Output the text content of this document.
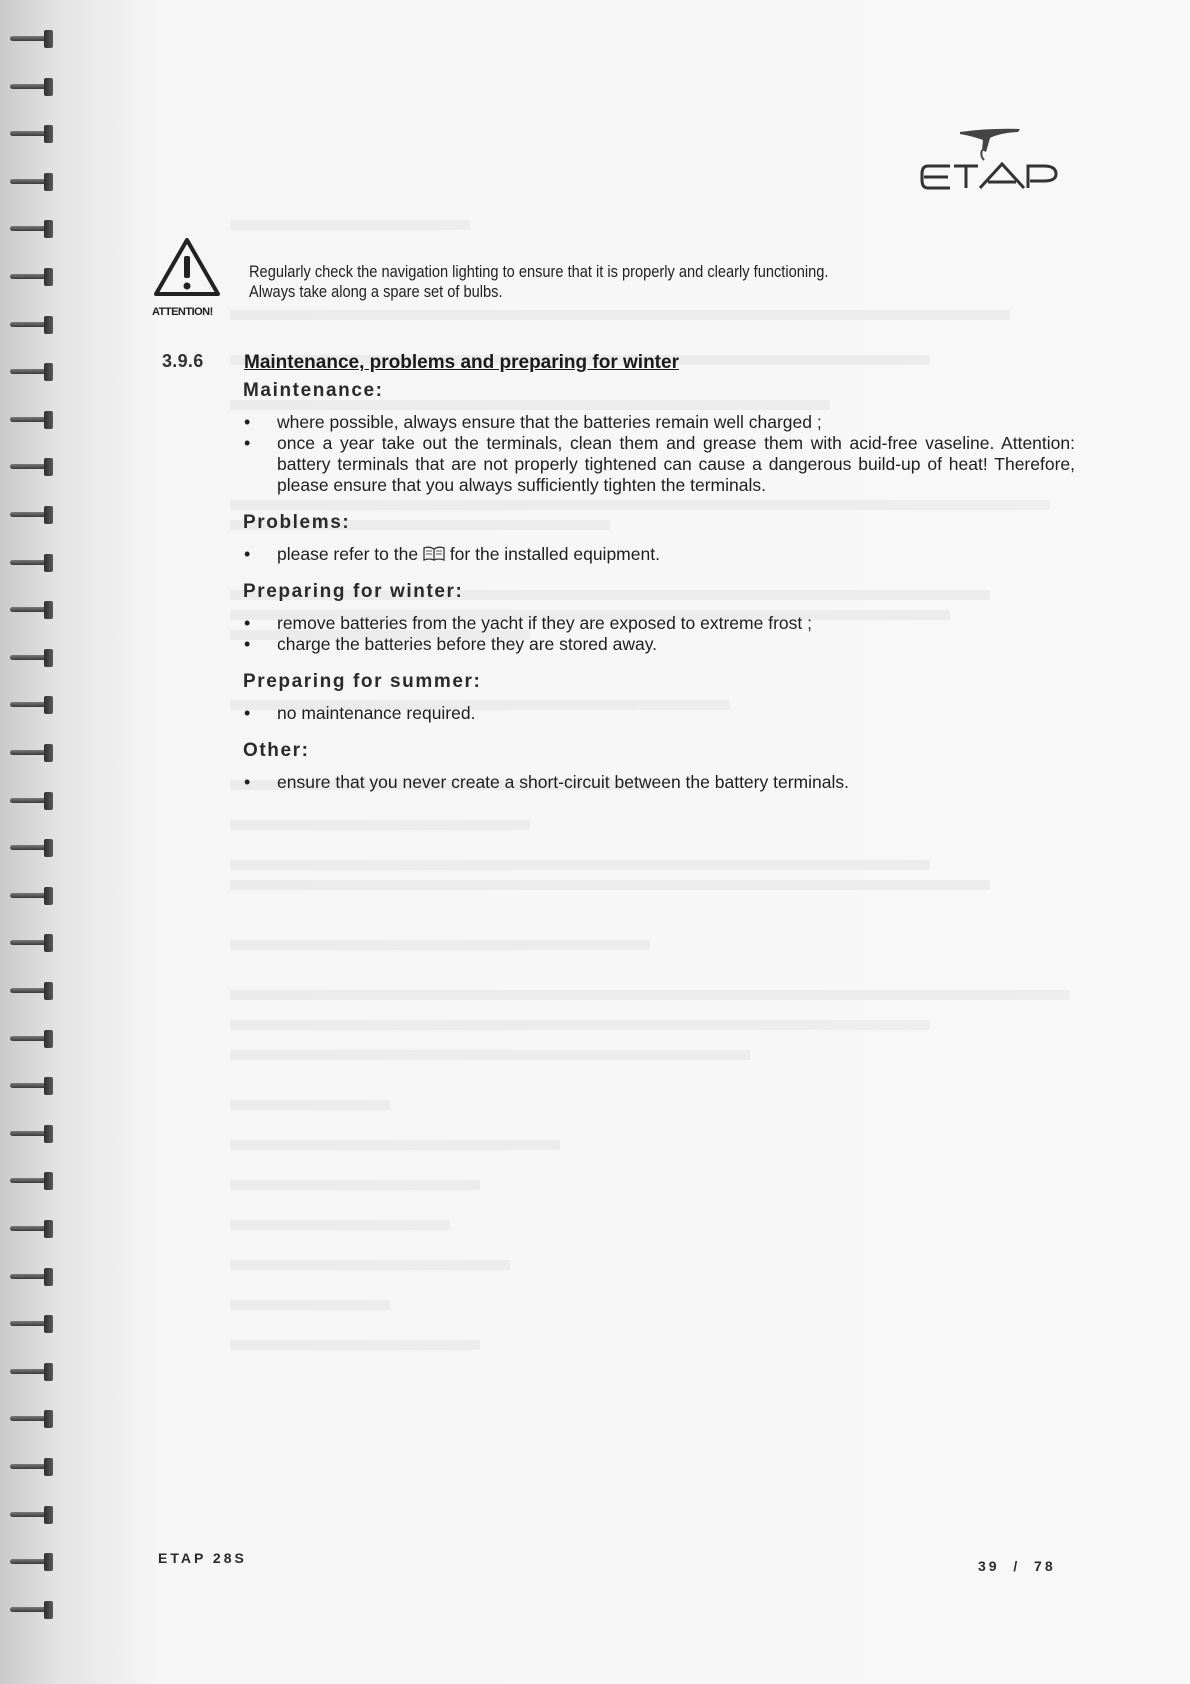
ATTENTION!
Regularly check the navigation lighting to ensure that it is properly and clearly functioning.
Always take along a spare set of bulbs.
3.9.6 Maintenance, problems and preparing for winter
Maintenance:
• where possible, always ensure that the batteries remain well charged ;
• once a year take out the terminals, clean them and grease them with acid-free vaseline. Attention: battery terminals that are not properly tightened can cause a dangerous build-up of heat! Therefore, please ensure that you always sufficiently tighten the terminals.
Problems:
• please refer to the for the installed equipment.
Preparing for winter:
• remove batteries from the yacht if they are exposed to extreme frost ;
• charge the batteries before they are stored away.
Preparing for summer:
• no maintenance required.
Other:
• ensure that you never create a short-circuit between the battery terminals.
ETAP 28S	39 / 78
